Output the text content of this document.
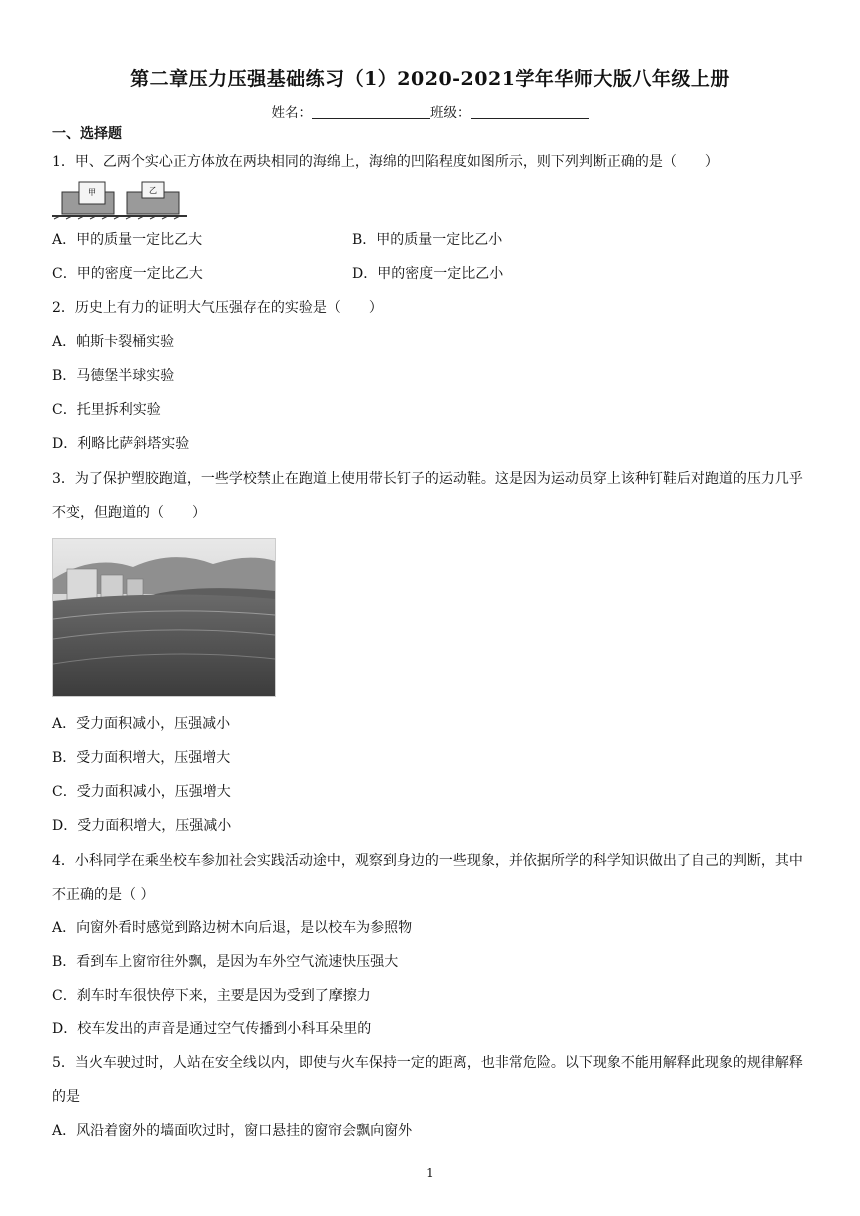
第二章压力压强基础练习（1）2020-2021学年华师大版八年级上册
姓名：	班级：
一、选择题
1．甲、乙两个实心正方体放在两块相同的海绵上，海绵的凹陷程度如图所示，则下列判断正确的是（　　）
甲	乙
A．甲的质量一定比乙大	B．甲的质量一定比乙小
C．甲的密度一定比乙大	D．甲的密度一定比乙小
2．历史上有力的证明大气压强存在的实验是（　　）
A．帕斯卡裂桶实验
B．马德堡半球实验
C．托里拆利实验
D．利略比萨斜塔实验
3．为了保护塑胶跑道，一些学校禁止在跑道上使用带长钉子的运动鞋。这是因为运动员穿上该种钉鞋后对跑道的压力几乎不变，但跑道的（　　）
A．受力面积减小，压强减小
B．受力面积增大，压强增大
C．受力面积减小，压强增大
D．受力面积增大，压强减小
4．小科同学在乘坐校车参加社会实践活动途中，观察到身边的一些现象，并依据所学的科学知识做出了自己的判断，其中不正确的是（ ）
A．向窗外看时感觉到路边树木向后退，是以校车为参照物
B．看到车上窗帘往外飘，是因为车外空气流速快压强大
C．刹车时车很快停下来，主要是因为受到了摩擦力
D．校车发出的声音是通过空气传播到小科耳朵里的
5．当火车驶过时，人站在安全线以内，即使与火车保持一定的距离，也非常危险。以下现象不能用解释此现象的规律解释的是
A．风沿着窗外的墙面吹过时，窗口悬挂的窗帘会飘向窗外
1
